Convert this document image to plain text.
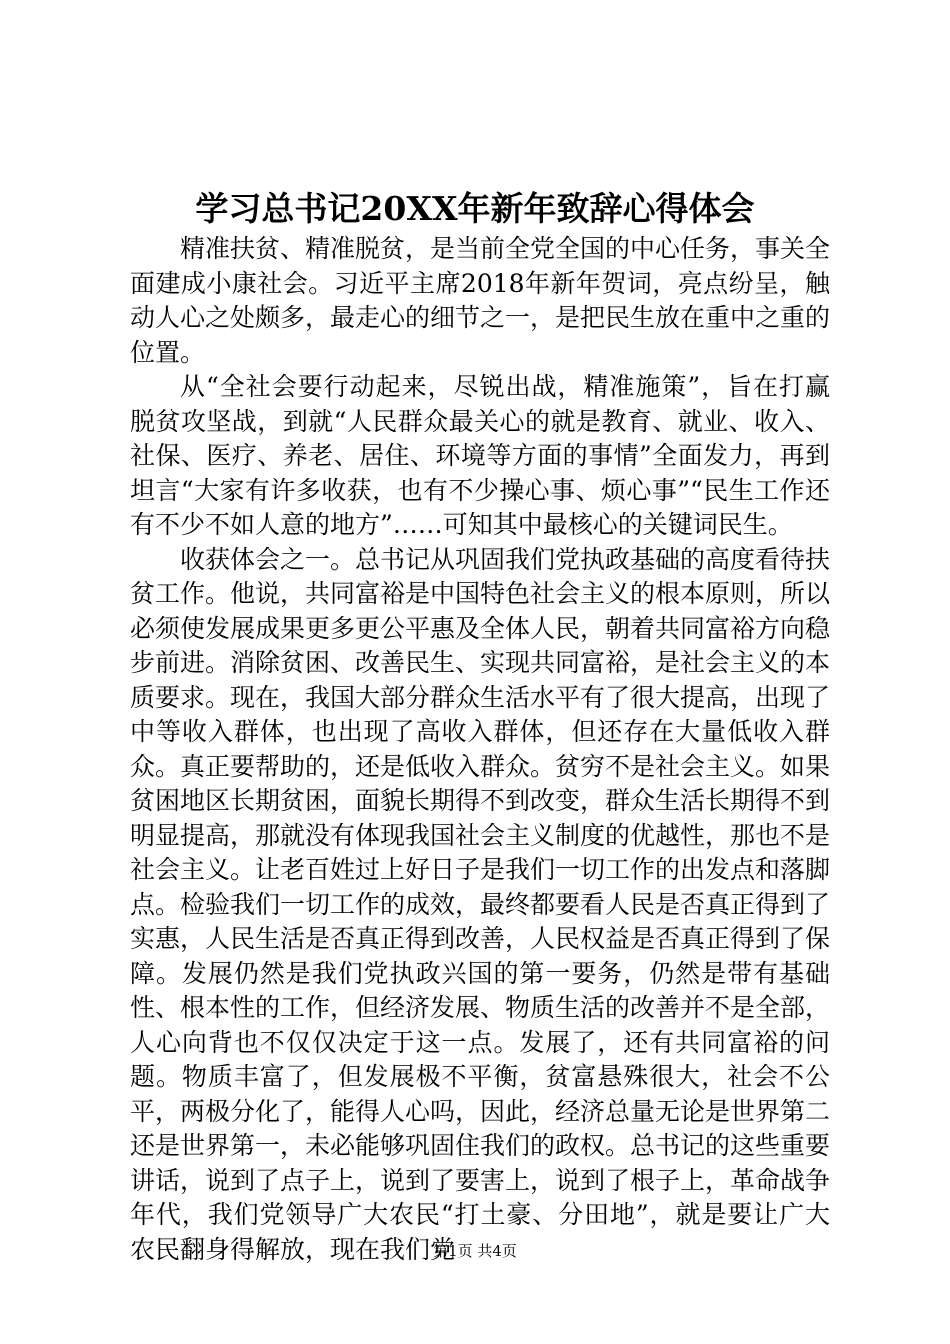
学习总书记20XX年新年致辞心得体会

精准扶贫、精准脱贫，是当前全党全国的中心任务，事关全面建成小康社会。习近平主席2018年新年贺词，亮点纷呈，触动人心之处颇多，最走心的细节之一，是把民生放在重中之重的位置。

从“全社会要行动起来，尽锐出战，精准施策”，旨在打赢脱贫攻坚战，到就“人民群众最关心的就是教育、就业、收入、社保、医疗、养老、居住、环境等方面的事情”全面发力，再到坦言“大家有许多收获，也有不少操心事、烦心事”“民生工作还有不少不如人意的地方”……可知其中最核心的关键词民生。

收获体会之一。总书记从巩固我们党执政基础的高度看待扶贫工作。他说，共同富裕是中国特色社会主义的根本原则，所以必须使发展成果更多更公平惠及全体人民，朝着共同富裕方向稳步前进。消除贫困、改善民生、实现共同富裕，是社会主义的本质要求。现在，我国大部分群众生活水平有了很大提高，出现了中等收入群体，也出现了高收入群体，但还存在大量低收入群众。真正要帮助的，还是低收入群众。贫穷不是社会主义。如果贫困地区长期贫困，面貌长期得不到改变，群众生活长期得不到明显提高，那就没有体现我国社会主义制度的优越性，那也不是社会主义。让老百姓过上好日子是我们一切工作的出发点和落脚点。检验我们一切工作的成效，最终都要看人民是否真正得到了实惠，人民生活是否真正得到改善，人民权益是否真正得到了保障。发展仍然是我们党执政兴国的第一要务，仍然是带有基础性、根本性的工作，但经济发展、物质生活的改善并不是全部，人心向背也不仅仅决定于这一点。发展了，还有共同富裕的问题。物质丰富了，但发展极不平衡，贫富悬殊很大，社会不公平，两极分化了，能得人心吗，因此，经济总量无论是世界第二还是世界第一，未必能够巩固住我们的政权。总书记的这些重要讲话，说到了点子上，说到了要害上，说到了根子上，革命战争年代，我们党领导广大农民“打土豪、分田地”，就是要让广大农民翻身得解放，现在我们党

第1页 共4页
